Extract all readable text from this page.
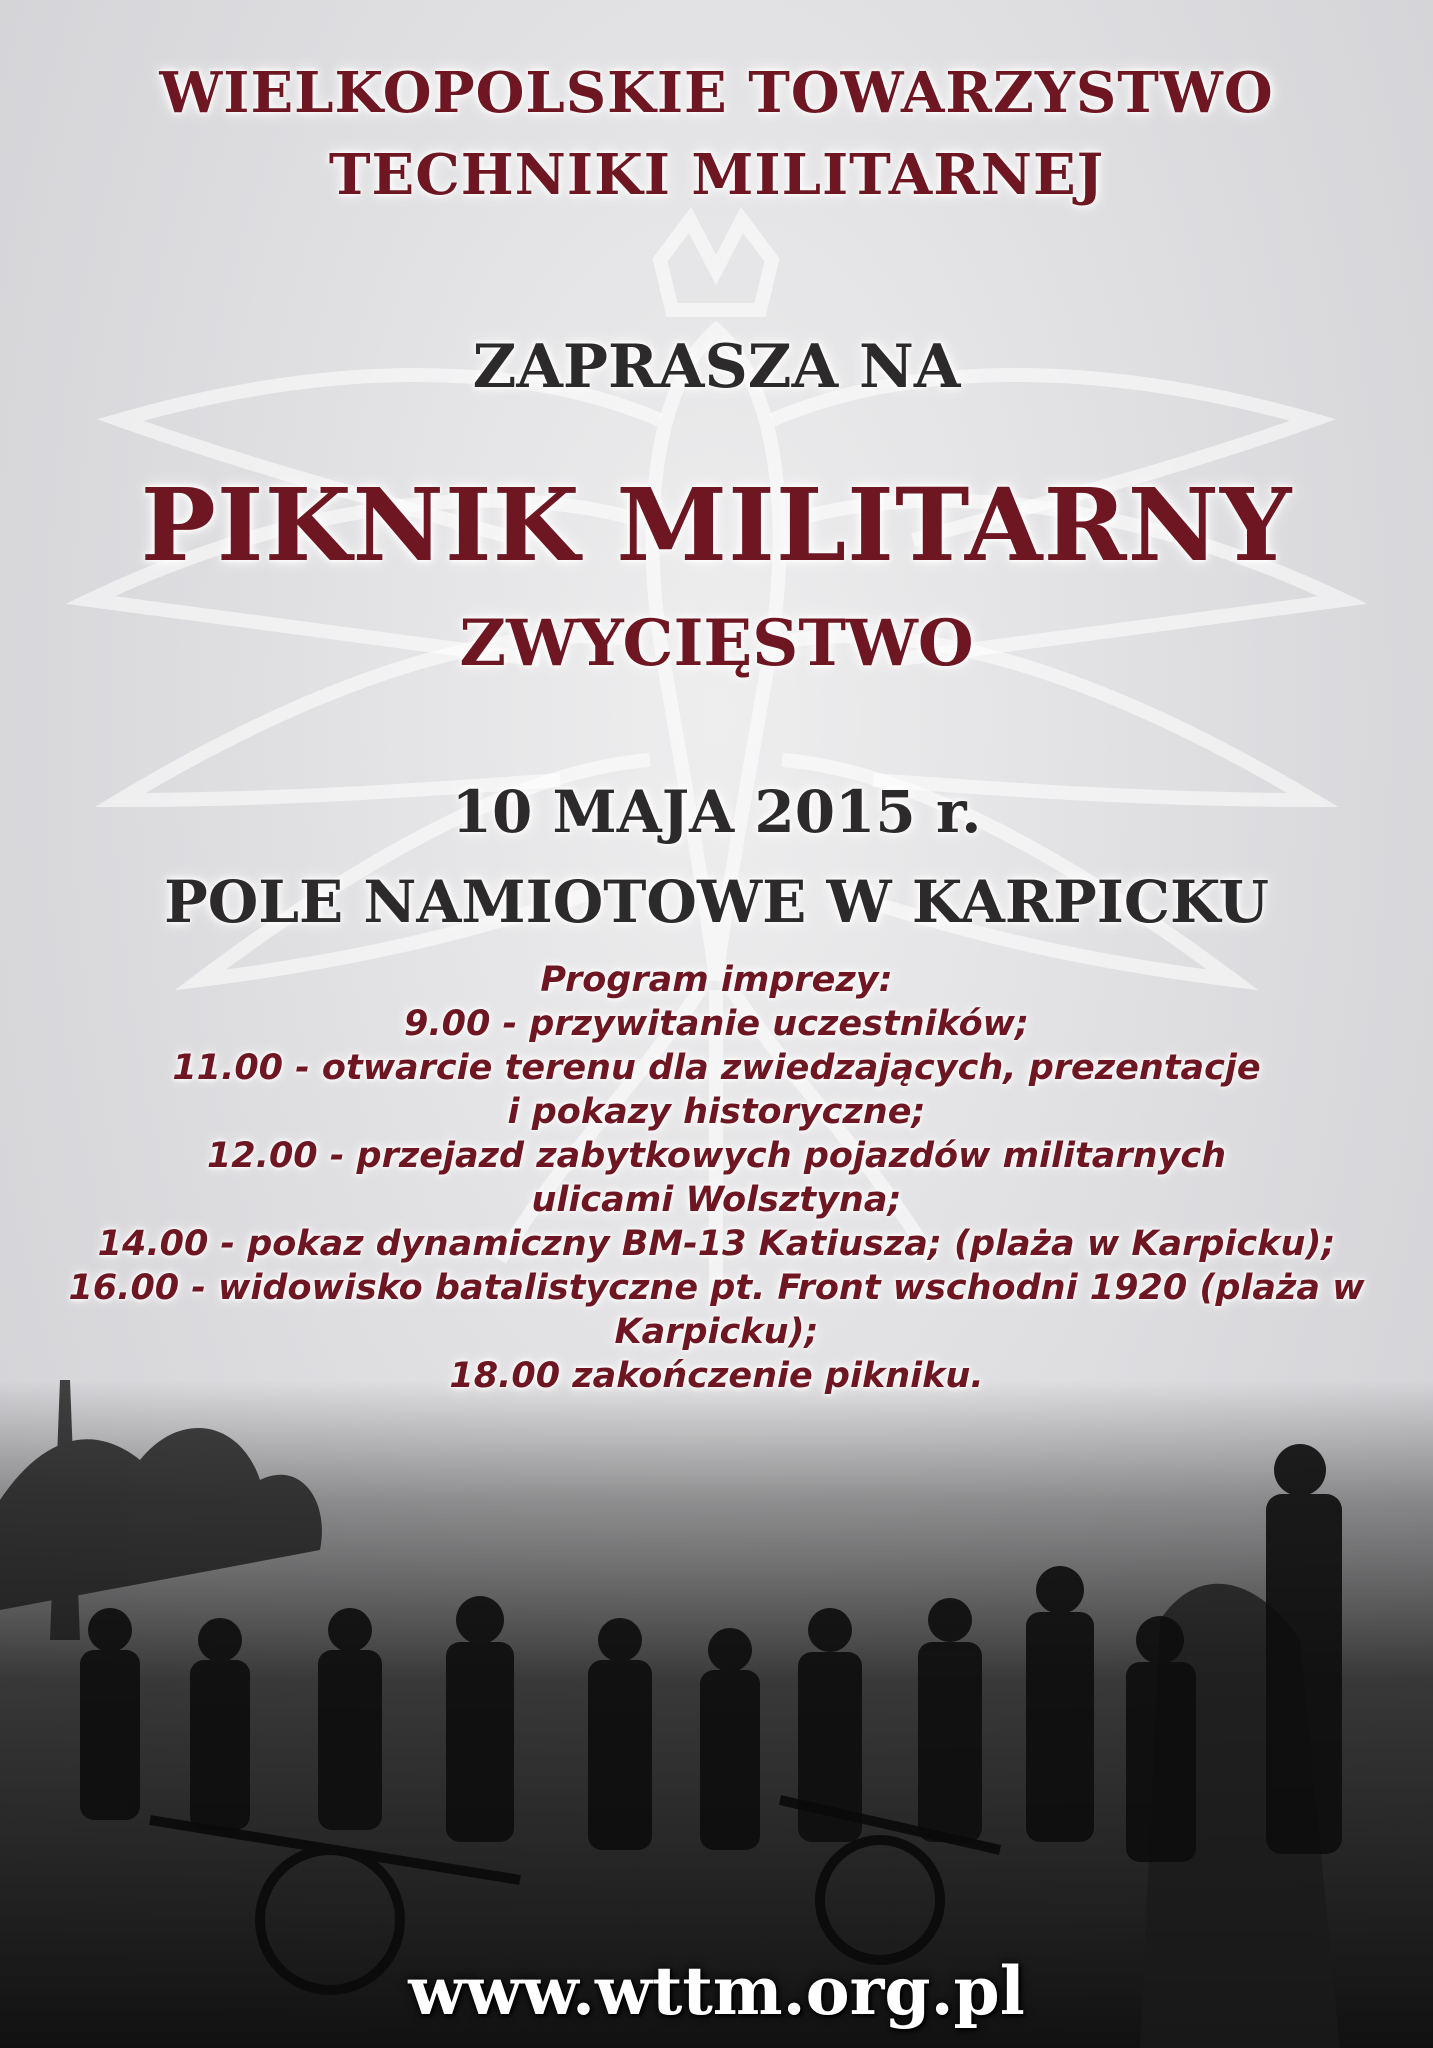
WIELKOPOLSKIE TOWARZYSTWO
TECHNIKI MILITARNEJ
ZAPRASZA NA
PIKNIK MILITARNY
ZWYCIĘSTWO
10 MAJA 2015 r.
POLE NAMIOTOWE W KARPICKU
Program imprezy:
9.00 - przywitanie uczestników;
11.00 - otwarcie terenu dla zwiedzających, prezentacje
i pokazy historyczne;
12.00 - przejazd zabytkowych pojazdów militarnych
ulicami Wolsztyna;
14.00 - pokaz dynamiczny BM-13 Katiusza; (plaża w Karpicku);
16.00 - widowisko batalistyczne pt. Front wschodni 1920 (plaża w
Karpicku);
18.00 zakończenie pikniku.

www.wttm.org.pl
